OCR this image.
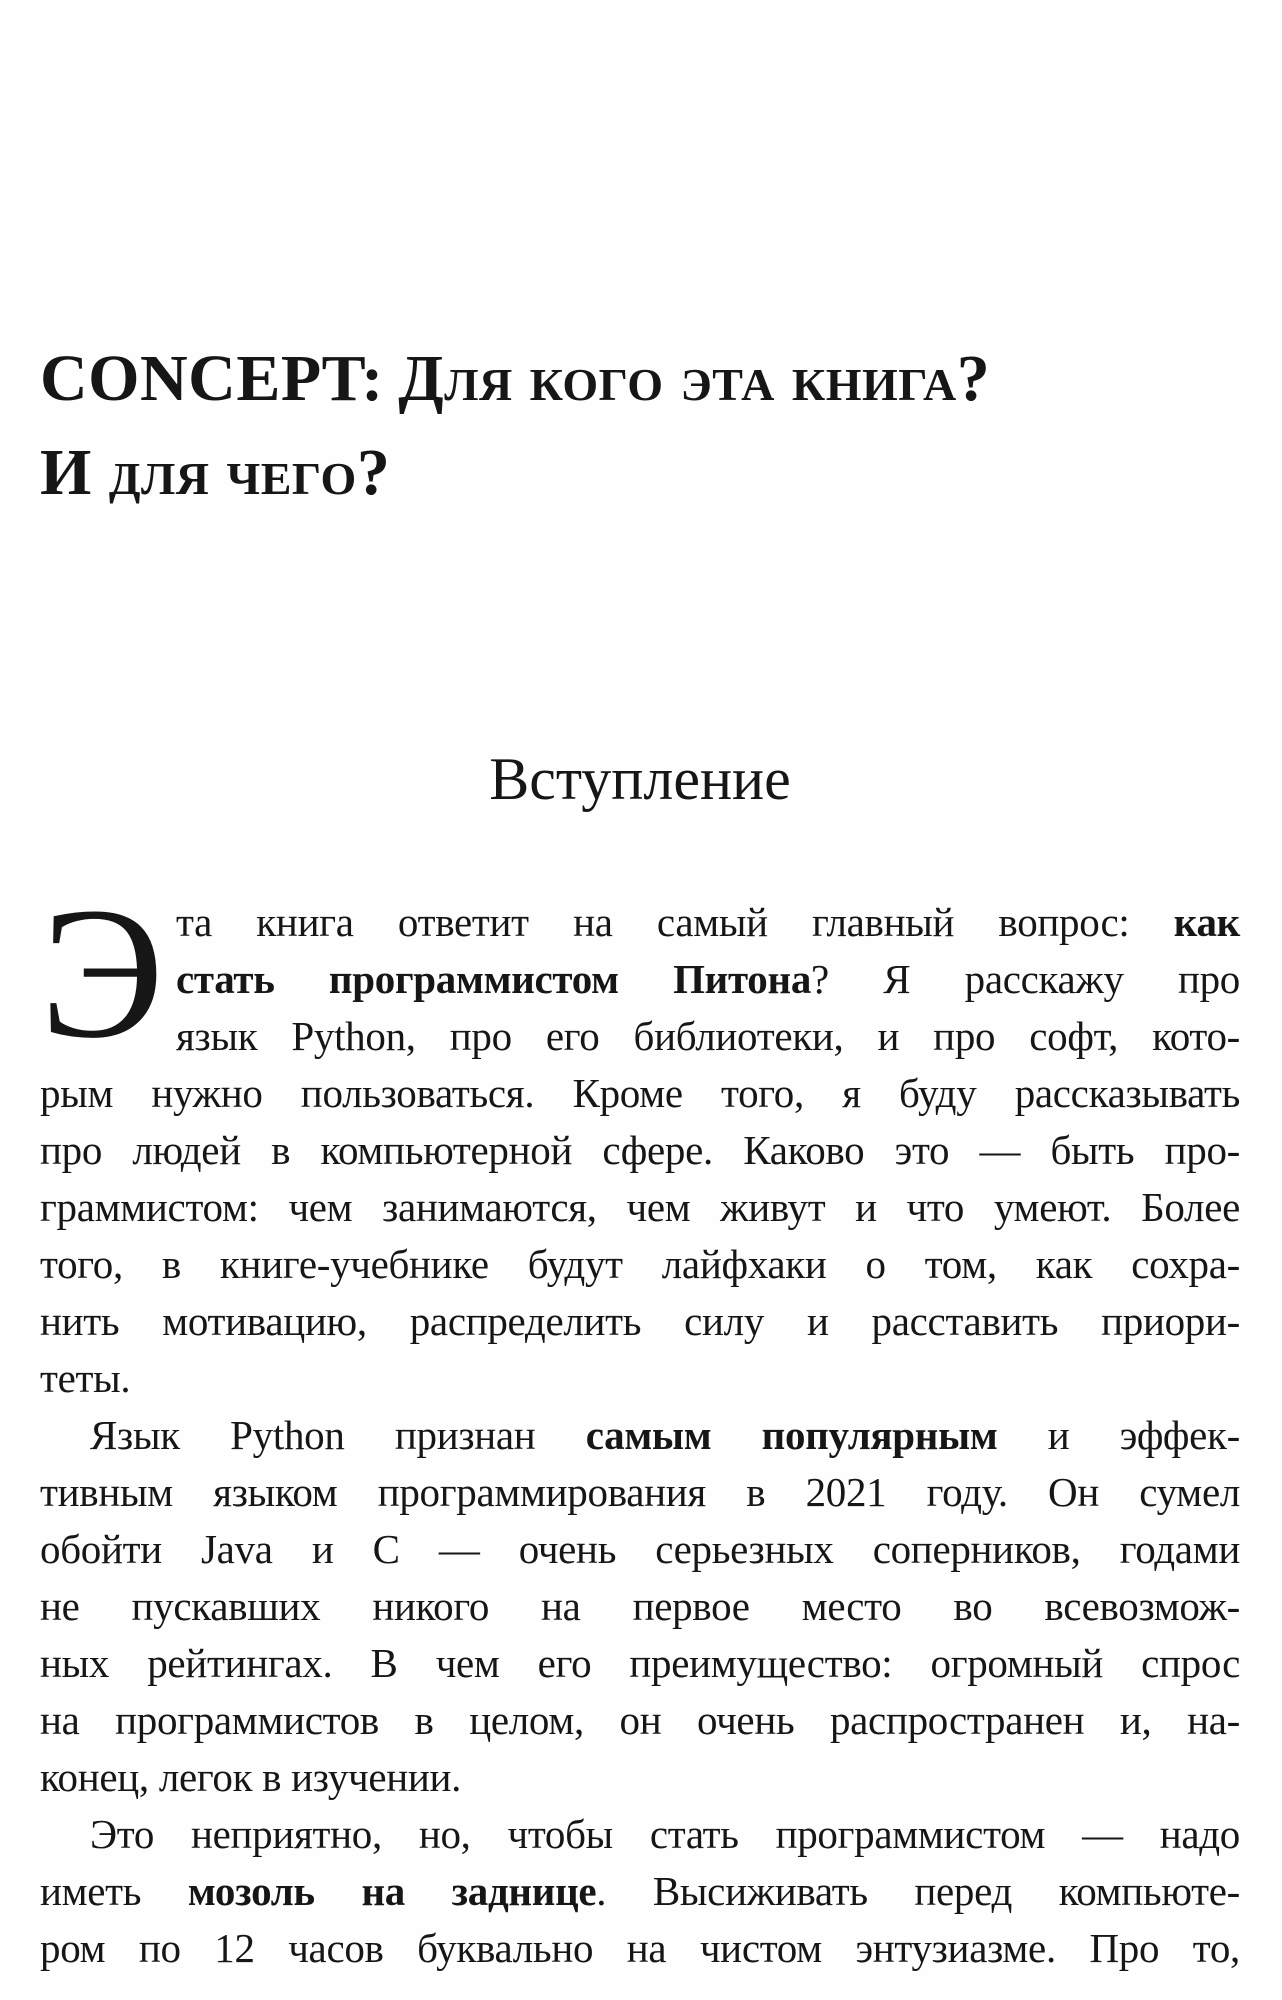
CONCEPT: Для кого эта книга?
И для чего?
Вступление
Э та книга ответит на самый главный вопрос: как
стать программистом Питона? Я расскажу про
язык Python, про его библиотеки, и про софт, кото-
рым нужно пользоваться. Кроме того, я буду рассказывать
про людей в компьютерной сфере. Каково это — быть про-
граммистом: чем занимаются, чем живут и что умеют. Более
того, в книге-учебнике будут лайфхаки о том, как сохра-
нить мотивацию, распределить силу и расставить приори-
теты.
Язык Python признан самым популярным и эффек-
тивным языком программирования в 2021 году. Он сумел
обойти Java и C — очень серьезных соперников, годами
не пускавших никого на первое место во всевозмож-
ных рейтингах. В чем его преимущество: огромный спрос
на программистов в целом, он очень распространен и, на-
конец, легок в изучении.
Это неприятно, но, чтобы стать программистом — надо
иметь мозоль на заднице. Высиживать перед компьюте-
ром по 12 часов буквально на чистом энтузиазме. Про то,
